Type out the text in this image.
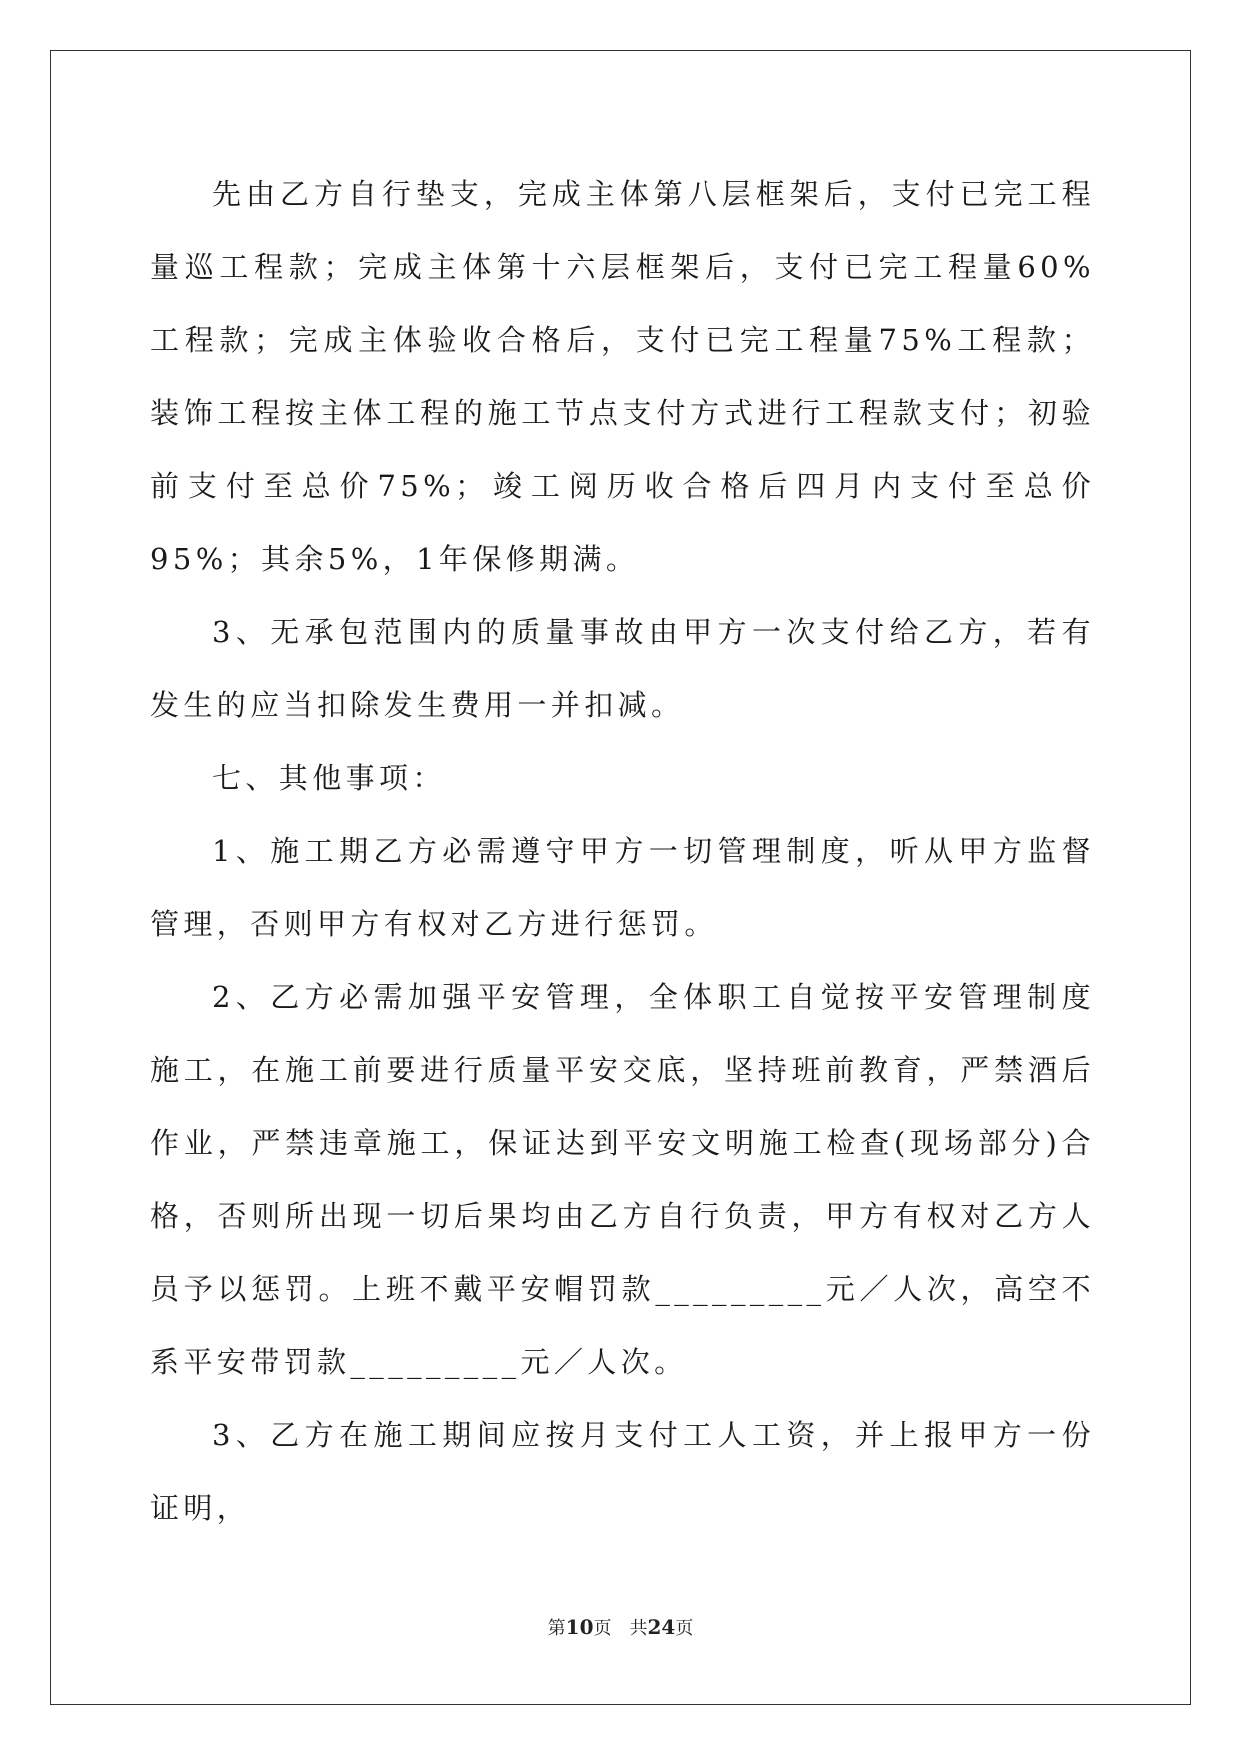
先由乙方自行垫支，完成主体第八层框架后，支付已完工程量巡工程款；完成主体第十六层框架后，支付已完工程量60%工程款；完成主体验收合格后，支付已完工程量75%工程款；装饰工程按主体工程的施工节点支付方式进行工程款支付；初验前支付至总价75%；竣工阅历收合格后四月内支付至总价95%；其余5%，1年保修期满。

3、无承包范围内的质量事故由甲方一次支付给乙方，若有发生的应当扣除发生费用一并扣减。

七、其他事项：

1、施工期乙方必需遵守甲方一切管理制度，听从甲方监督管理，否则甲方有权对乙方进行惩罚。

2、乙方必需加强平安管理，全体职工自觉按平安管理制度施工，在施工前要进行质量平安交底，坚持班前教育，严禁酒后作业，严禁违章施工，保证达到平安文明施工检查(现场部分)合格，否则所出现一切后果均由乙方自行负责，甲方有权对乙方人员予以惩罚。上班不戴平安帽罚款_________元／人次，高空不系平安带罚款_________元／人次。

3、乙方在施工期间应按月支付工人工资，并上报甲方一份证明，

第10页 共24页
